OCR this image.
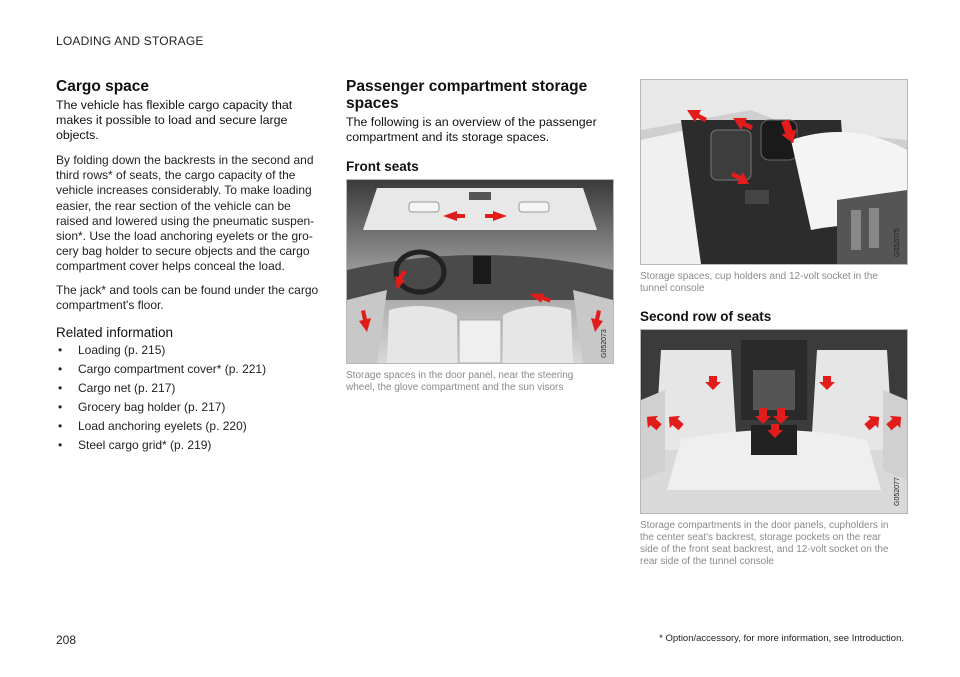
LOADING AND STORAGE
Cargo space

The vehicle has flexible cargo capacity that makes it possible to load and secure large objects.

By folding down the backrests in the second and third rows* of seats, the cargo capacity of the vehicle increases considerably. To make loading easier, the rear section of the vehicle can be raised and lowered using the pneumatic suspension*. Use the load anchoring eyelets or the grocery bag holder to secure objects and the cargo compartment cover helps conceal the load.

The jack* and tools can be found under the cargo compartment's floor.

Related information
• Loading (p. 215)
• Cargo compartment cover* (p. 221)
• Cargo net (p. 217)
• Grocery bag holder (p. 217)
• Load anchoring eyelets (p. 220)
• Steel cargo grid* (p. 219)
Passenger compartment storage spaces

The following is an overview of the passenger compartment and its storage spaces.

Front seats
G052073

Storage spaces in the door panel, near the steering wheel, the glove compartment and the sun visors

G052075

Storage spaces, cup holders and 12-volt socket in the tunnel console

Second row of seats
G052077

Storage compartments in the door panels, cupholders in the center seat's backrest, storage pockets on the rear side of the front seat backrest, and 12-volt socket on the rear side of the tunnel console

208	* Option/accessory, for more information, see Introduction.
